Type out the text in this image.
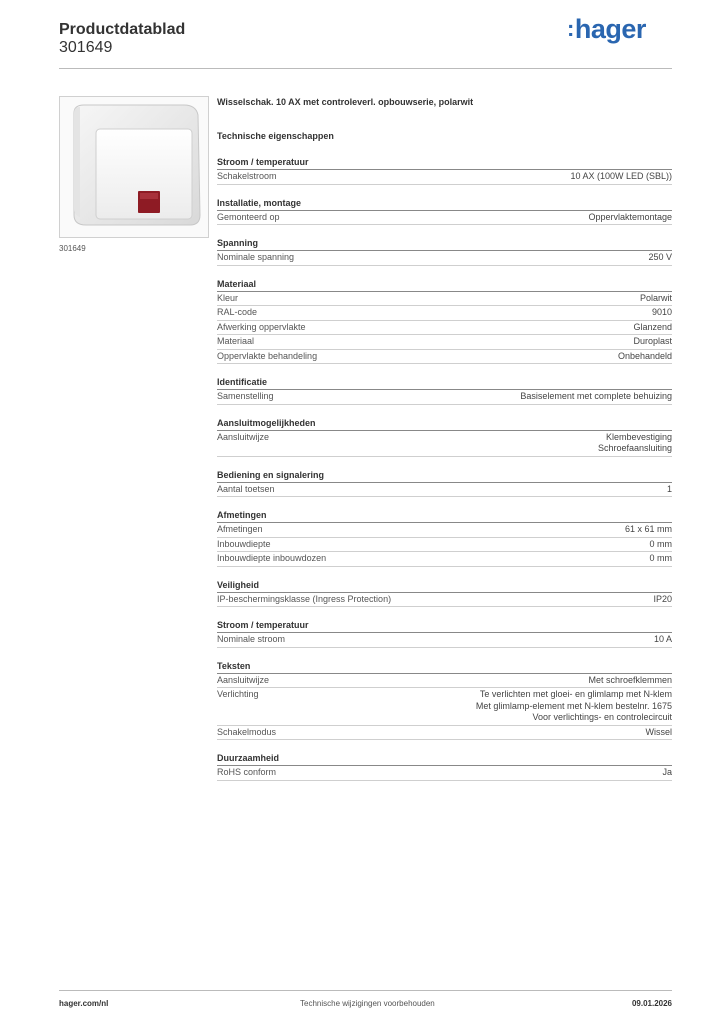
Productdatablad
301649
:hager
301649
Wisselschak. 10 AX met controleverl. opbouwserie, polarwit
Technische eigenschappen
Stroom / temperatuur
Schakelstroom	10 AX (100W LED (SBL))
Installatie, montage
Gemonteerd op	Oppervlaktemontage
Spanning
Nominale spanning	250 V
Materiaal
Kleur	Polarwit
RAL-code	9010
Afwerking oppervlakte	Glanzend
Materiaal	Duroplast
Oppervlakte behandeling	Onbehandeld
Identificatie
Samenstelling	Basiselement met complete behuizing
Aansluitmogelijkheden
Aansluitwijze	Klembevestiging
Schroefaansluiting
Bediening en signalering
Aantal toetsen	1
Afmetingen
Afmetingen	61 x 61 mm
Inbouwdiepte	0 mm
Inbouwdiepte inbouwdozen	0 mm
Veiligheid
IP-beschermingsklasse (Ingress Protection)	IP20
Stroom / temperatuur
Nominale stroom	10 A
Teksten
Aansluitwijze	Met schroefklemmen
Verlichting	Te verlichten met gloei- en glimlamp met N-klem
Met glimlamp-element met N-klem bestelnr. 1675
Voor verlichtings- en controlecircuit
Schakelmodus	Wissel
Duurzaamheid
RoHS conform	Ja
hager.com/nl	Technische wijzigingen voorbehouden	09.01.2026
